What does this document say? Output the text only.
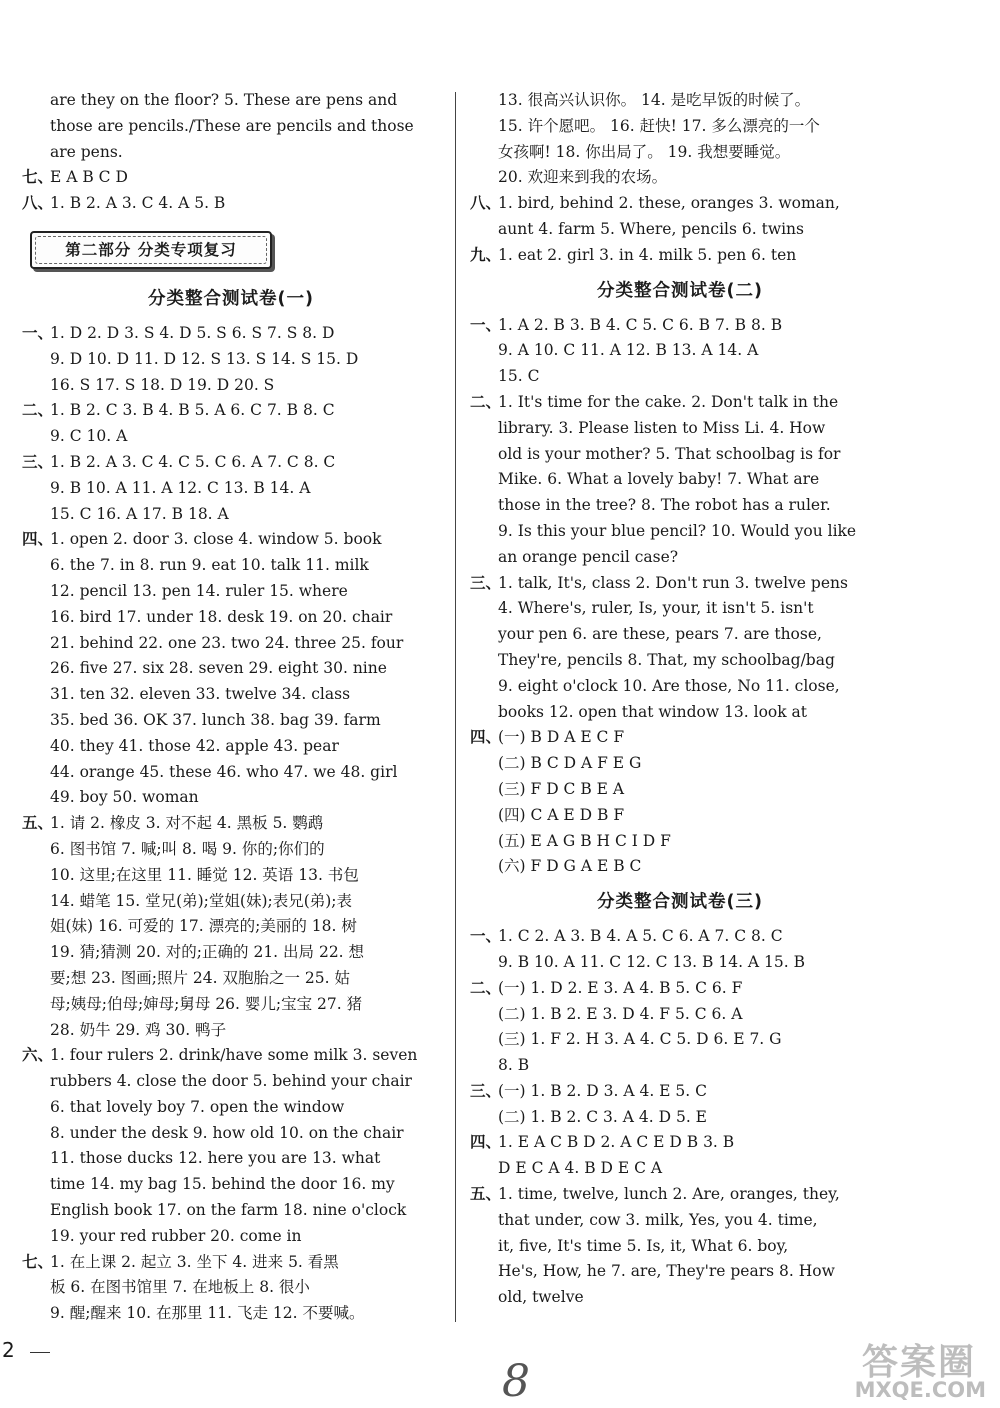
are they on the floor? 5. These are pens and
those are pencils./These are pencils and those
are pens.
七、
E A B C D
八、
1. B 2. A 3. C 4. A 5. B
第二部分 分类专项复习
分类整合测试卷(一)
一、
1. D 2. D 3. S 4. D 5. S 6. S 7. S 8. D
9. D 10. D 11. D 12. S 13. S 14. S 15. D
16. S 17. S 18. D 19. D 20. S
二、
1. B 2. C 3. B 4. B 5. A 6. C 7. B 8. C
9. C 10. A
三、
1. B 2. A 3. C 4. C 5. C 6. A 7. C 8. C
9. B 10. A 11. A 12. C 13. B 14. A
15. C 16. A 17. B 18. A
四、
1. open 2. door 3. close 4. window 5. book
6. the 7. in 8. run 9. eat 10. talk 11. milk
12. pencil 13. pen 14. ruler 15. where
16. bird 17. under 18. desk 19. on 20. chair
21. behind 22. one 23. two 24. three 25. four
26. five 27. six 28. seven 29. eight 30. nine
31. ten 32. eleven 33. twelve 34. class
35. bed 36. OK 37. lunch 38. bag 39. farm
40. they 41. those 42. apple 43. pear
44. orange 45. these 46. who 47. we 48. girl
49. boy 50. woman
五、
1. 请 2. 橡皮 3. 对不起 4. 黑板 5. 鹦鹉
6. 图书馆 7. 喊;叫 8. 喝 9. 你的;你们的
10. 这里;在这里 11. 睡觉 12. 英语 13. 书包
14. 蜡笔 15. 堂兄(弟);堂姐(妹);表兄(弟);表
姐(妹) 16. 可爱的 17. 漂亮的;美丽的 18. 树
19. 猜;猜测 20. 对的;正确的 21. 出局 22. 想
要;想 23. 图画;照片 24. 双胞胎之一 25. 姑
母;姨母;伯母;婶母;舅母 26. 婴儿;宝宝 27. 猪
28. 奶牛 29. 鸡 30. 鸭子
六、
1. four rulers 2. drink/have some milk 3. seven
rubbers 4. close the door 5. behind your chair
6. that lovely boy 7. open the window
8. under the desk 9. how old 10. on the chair
11. those ducks 12. here you are 13. what
time 14. my bag 15. behind the door 16. my
English book 17. on the farm 18. nine o'clock
19. your red rubber 20. come in
七、
1. 在上课 2. 起立 3. 坐下 4. 进来 5. 看黑
板 6. 在图书馆里 7. 在地板上 8. 很小
9. 醒;醒来 10. 在那里 11. 飞走 12. 不要喊。
13. 很高兴认识你。 14. 是吃早饭的时候了。
15. 许个愿吧。 16. 赶快! 17. 多么漂亮的一个
女孩啊! 18. 你出局了。 19. 我想要睡觉。
20. 欢迎来到我的农场。
八、
1. bird, behind 2. these, oranges 3. woman,
aunt 4. farm 5. Where, pencils 6. twins
九、
1. eat 2. girl 3. in 4. milk 5. pen 6. ten
分类整合测试卷(二)
一、
1. A 2. B 3. B 4. C 5. C 6. B 7. B 8. B
9. A 10. C 11. A 12. B 13. A 14. A
15. C
二、
1. It's time for the cake. 2. Don't talk in the
library. 3. Please listen to Miss Li. 4. How
old is your mother? 5. That schoolbag is for
Mike. 6. What a lovely baby! 7. What are
those in the tree? 8. The robot has a ruler.
9. Is this your blue pencil? 10. Would you like
an orange pencil case?
三、
1. talk, It's, class 2. Don't run 3. twelve pens
4. Where's, ruler, Is, your, it isn't 5. isn't
your pen 6. are these, pears 7. are those,
They're, pencils 8. That, my schoolbag/bag
9. eight o'clock 10. Are those, No 11. close,
books 12. open that window 13. look at
四、
(一) B D A E C F
(二) B C D A F E G
(三) F D C B E A
(四) C A E D B F
(五) E A G B H C I D F
(六) F D G A E B C
分类整合测试卷(三)
一、
1. C 2. A 3. B 4. A 5. C 6. A 7. C 8. C
9. B 10. A 11. C 12. C 13. B 14. A 15. B
二、
(一) 1. D 2. E 3. A 4. B 5. C 6. F
(二) 1. B 2. E 3. D 4. F 5. C 6. A
(三) 1. F 2. H 3. A 4. C 5. D 6. E 7. G
8. B
三、
(一) 1. B 2. D 3. A 4. E 5. C
(二) 1. B 2. C 3. A 4. D 5. E
四、
1. E A C B D 2. A C E D B 3. B
D E C A 4. B D E C A
五、
1. time, twelve, lunch 2. Are, oranges, they,
that under, cow 3. milk, Yes, you 4. time,
it, five, It's time 5. Is, it, What 6. boy,
He's, How, he 7. are, They're pears 8. How
old, twelve
2
8	答案圈
MXQE.COM
